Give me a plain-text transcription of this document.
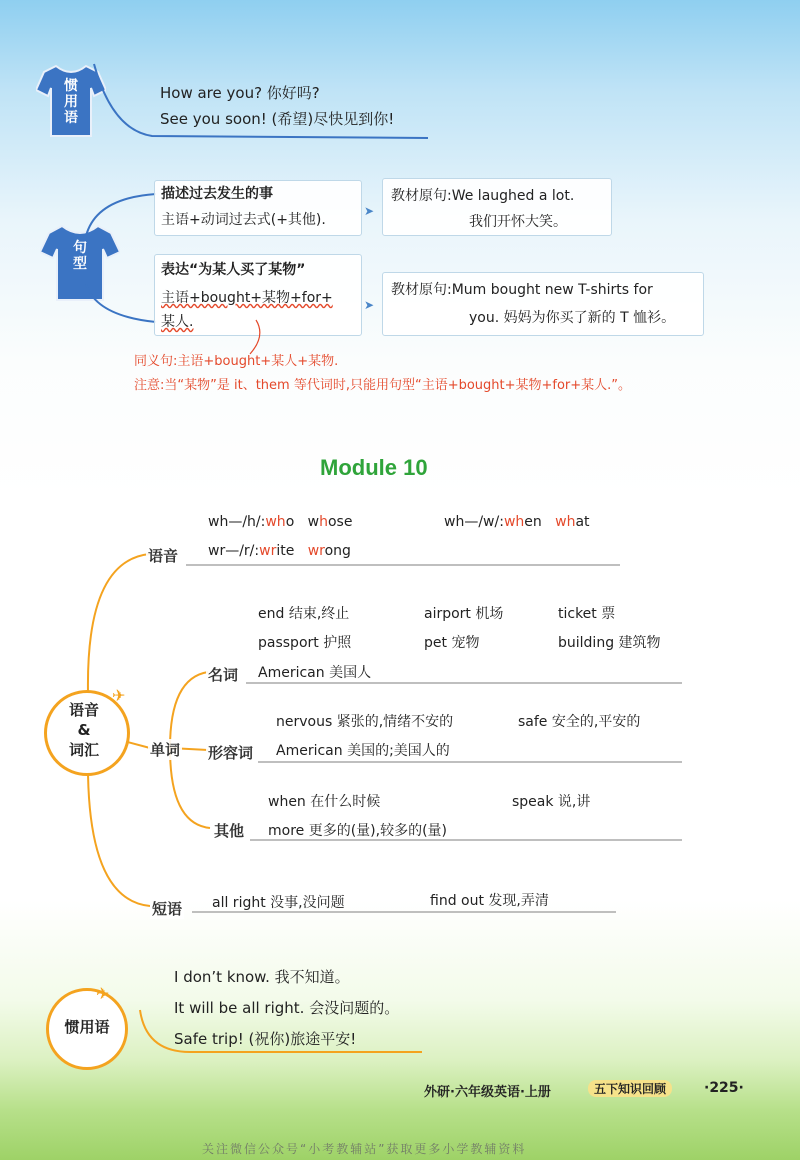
惯用语
How are you? 你好吗?
See you soon! (希望)尽快见到你!
句型
描述过去发生的事
主语+动词过去式(+其他).
➤
教材原句:We laughed a lot.
我们开怀大笑。
表达“为某人买了某物”
主语+bought+某物+for+
某人.
➤
教材原句:Mum bought new T-shirts for
you. 妈妈为你买了新的 T 恤衫。
同义句:主语+bought+某人+某物.
注意:当“某物”是 it、them 等代词时,只能用句型“主语+bought+某物+for+某人.”。
Module 10
语音
&
词汇
✈
语音
wh—/h/:who whose	wh—/w/:when what
wr—/r/:write wrong
单词
名词
end 结束,终止	airport 机场	ticket 票
passport 护照	pet 宠物	building 建筑物
American 美国人
形容词
nervous 紧张的,情绪不安的	safe 安全的,平安的
American 美国的;美国人的
其他
when 在什么时候	speak 说,讲
more 更多的(量),较多的(量)
短语 all right 没事,没问题	find out 发现,弄清
惯用语
✈
I don’t know. 我不知道。
It will be all right. 会没问题的。
Safe trip! (祝你)旅途平安!
外研·六年级英语·上册	五下知识回顾	·225·
关注微信公众号“小考教辅站”获取更多小学教辅资料
